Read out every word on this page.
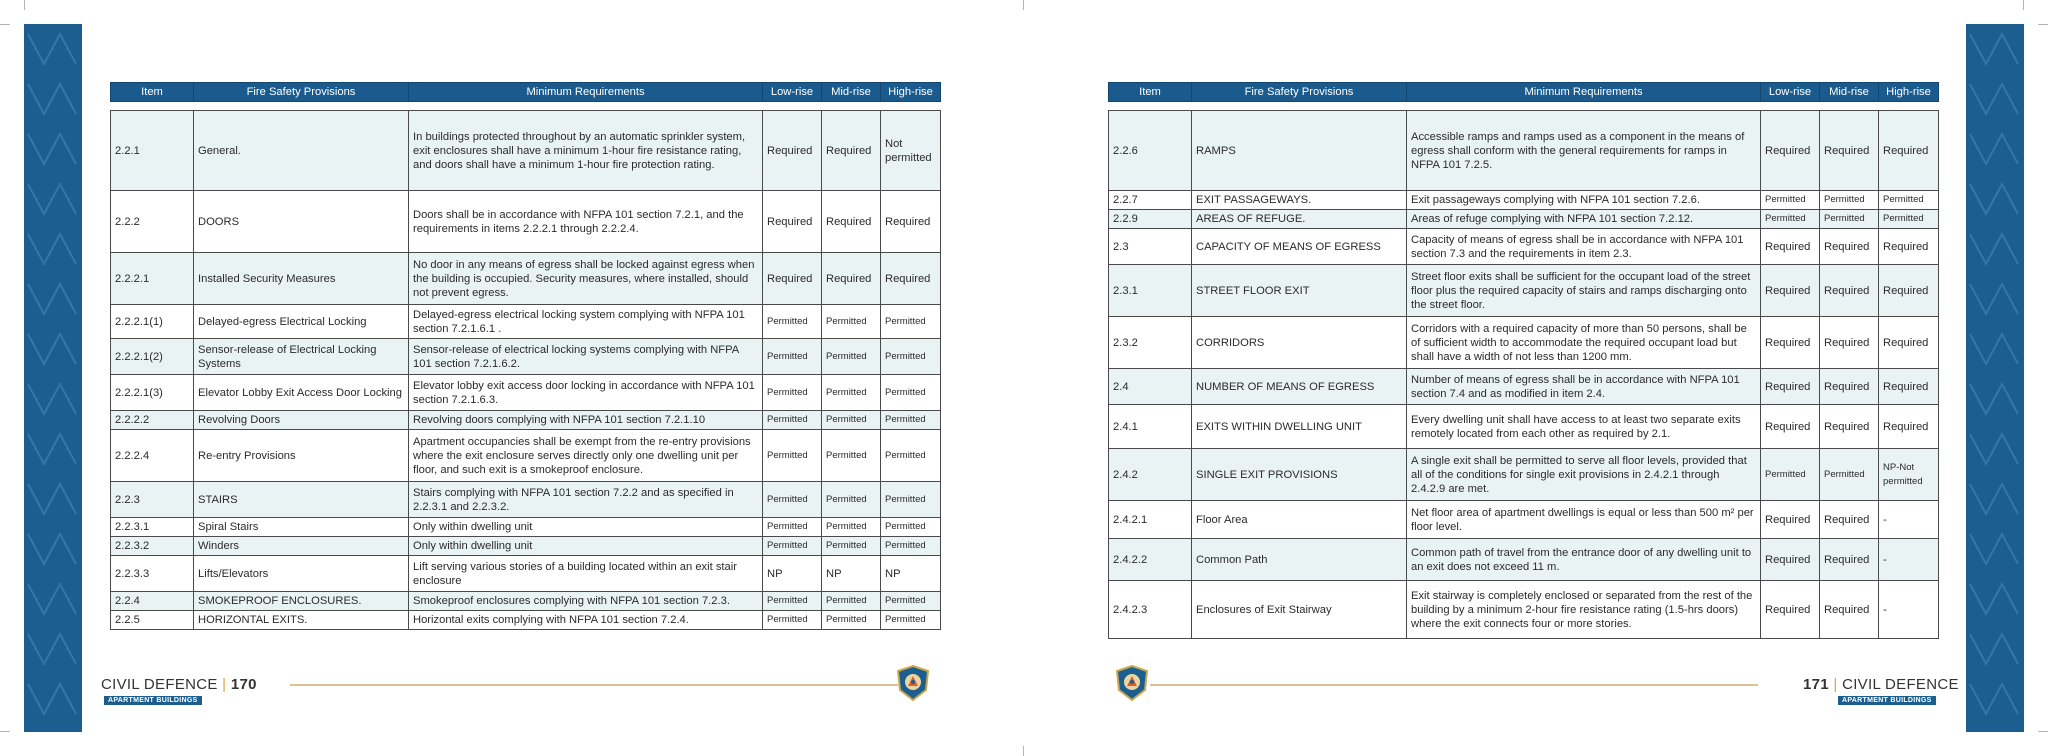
Item	Fire Safety Provisions	Minimum Requirements	Low-rise	Mid-rise	High-rise

2.2.1	General.	In buildings protected throughout by an automatic sprinkler system, exit enclosures shall have a minimum 1-hour fire resistance rating, and doors shall have a minimum 1-hour fire protection rating.	Required	Required	Not permitted
2.2.2	DOORS	Doors shall be in accordance with NFPA 101 section 7.2.1, and the requirements in items 2.2.2.1 through 2.2.2.4.	Required	Required	Required
2.2.2.1	Installed Security Measures	No door in any means of egress shall be locked against egress when the building is occupied. Security measures, where installed, should not prevent egress.	Required	Required	Required
2.2.2.1(1)	Delayed-egress Electrical Locking	Delayed-egress electrical locking system complying with NFPA 101 section 7.2.1.6.1 .	Permitted	Permitted	Permitted
2.2.2.1(2)	Sensor-release of Electrical Locking Systems	Sensor-release of electrical locking systems complying with NFPA 101 section 7.2.1.6.2.	Permitted	Permitted	Permitted
2.2.2.1(3)	Elevator Lobby Exit Access Door Locking	Elevator lobby exit access door locking in accordance with NFPA 101 section 7.2.1.6.3.	Permitted	Permitted	Permitted
2.2.2.2	Revolving Doors	Revolving doors complying with NFPA 101 section 7.2.1.10	Permitted	Permitted	Permitted
2.2.2.4	Re-entry Provisions	Apartment occupancies shall be exempt from the re-entry provisions where the exit enclosure serves directly only one dwelling unit per floor, and such exit is a smokeproof enclosure.	Permitted	Permitted	Permitted
2.2.3	STAIRS	Stairs complying with NFPA 101 section 7.2.2 and as specified in 2.2.3.1 and 2.2.3.2.	Permitted	Permitted	Permitted
2.2.3.1	Spiral Stairs	Only within dwelling unit	Permitted	Permitted	Permitted
2.2.3.2	Winders	Only within dwelling unit	Permitted	Permitted	Permitted
2.2.3.3	Lifts/Elevators	Lift serving various stories of a building located within an exit stair enclosure	NP	NP	NP
2.2.4	SMOKEPROOF ENCLOSURES.	Smokeproof enclosures complying with NFPA 101 section 7.2.3.	Permitted	Permitted	Permitted
2.2.5	HORIZONTAL EXITS.	Horizontal exits complying with NFPA 101 section 7.2.4.	Permitted	Permitted	Permitted
Item	Fire Safety Provisions	Minimum Requirements	Low-rise	Mid-rise	High-rise

2.2.6	RAMPS	Accessible ramps and ramps used as a component in the means of egress shall conform with the general requirements for ramps in NFPA 101 7.2.5.	Required	Required	Required
2.2.7	EXIT PASSAGEWAYS.	Exit passageways complying with NFPA 101 section 7.2.6.	Permitted	Permitted	Permitted
2.2.9	AREAS OF REFUGE.	Areas of refuge complying with NFPA 101 section 7.2.12.	Permitted	Permitted	Permitted
2.3	CAPACITY OF MEANS OF EGRESS	Capacity of means of egress shall be in accordance with NFPA 101 section 7.3 and the requirements in item 2.3.	Required	Required	Required
2.3.1	STREET FLOOR EXIT	Street floor exits shall be sufficient for the occupant load of the street floor plus the required capacity of stairs and ramps discharging onto the street floor.	Required	Required	Required
2.3.2	CORRIDORS	Corridors with a required capacity of more than 50 persons, shall be of sufficient width to accommodate the required occupant load but shall have a width of not less than 1200 mm.	Required	Required	Required
2.4	NUMBER OF MEANS OF EGRESS	Number of means of egress shall be in accordance with NFPA 101 section 7.4 and as modified in item 2.4.	Required	Required	Required
2.4.1	EXITS WITHIN DWELLING UNIT	Every dwelling unit shall have access to at least two separate exits remotely located from each other as required by 2.1.	Required	Required	Required
2.4.2	SINGLE EXIT PROVISIONS	A single exit shall be permitted to serve all floor levels, provided that all of the conditions for single exit provisions in 2.4.2.1 through 2.4.2.9 are met.	Permitted	Permitted	NP-Not permitted
2.4.2.1	Floor Area	Net floor area of apartment dwellings is equal or less than 500 m² per floor level.	Required	Required	-
2.4.2.2	Common Path	Common path of travel from the entrance door of any dwelling unit to an exit does not exceed 11 m.	Required	Required	-
2.4.2.3	Enclosures of Exit Stairway	Exit stairway is completely enclosed or separated from the rest of the building by a minimum 2-hour fire resistance rating (1.5-hrs doors) where the exit connects four or more stories.	Required	Required	-
CIVIL DEFENCE | 170
APARTMENT BUILDINGS
171 | CIVIL DEFENCE
APARTMENT BUILDINGS
